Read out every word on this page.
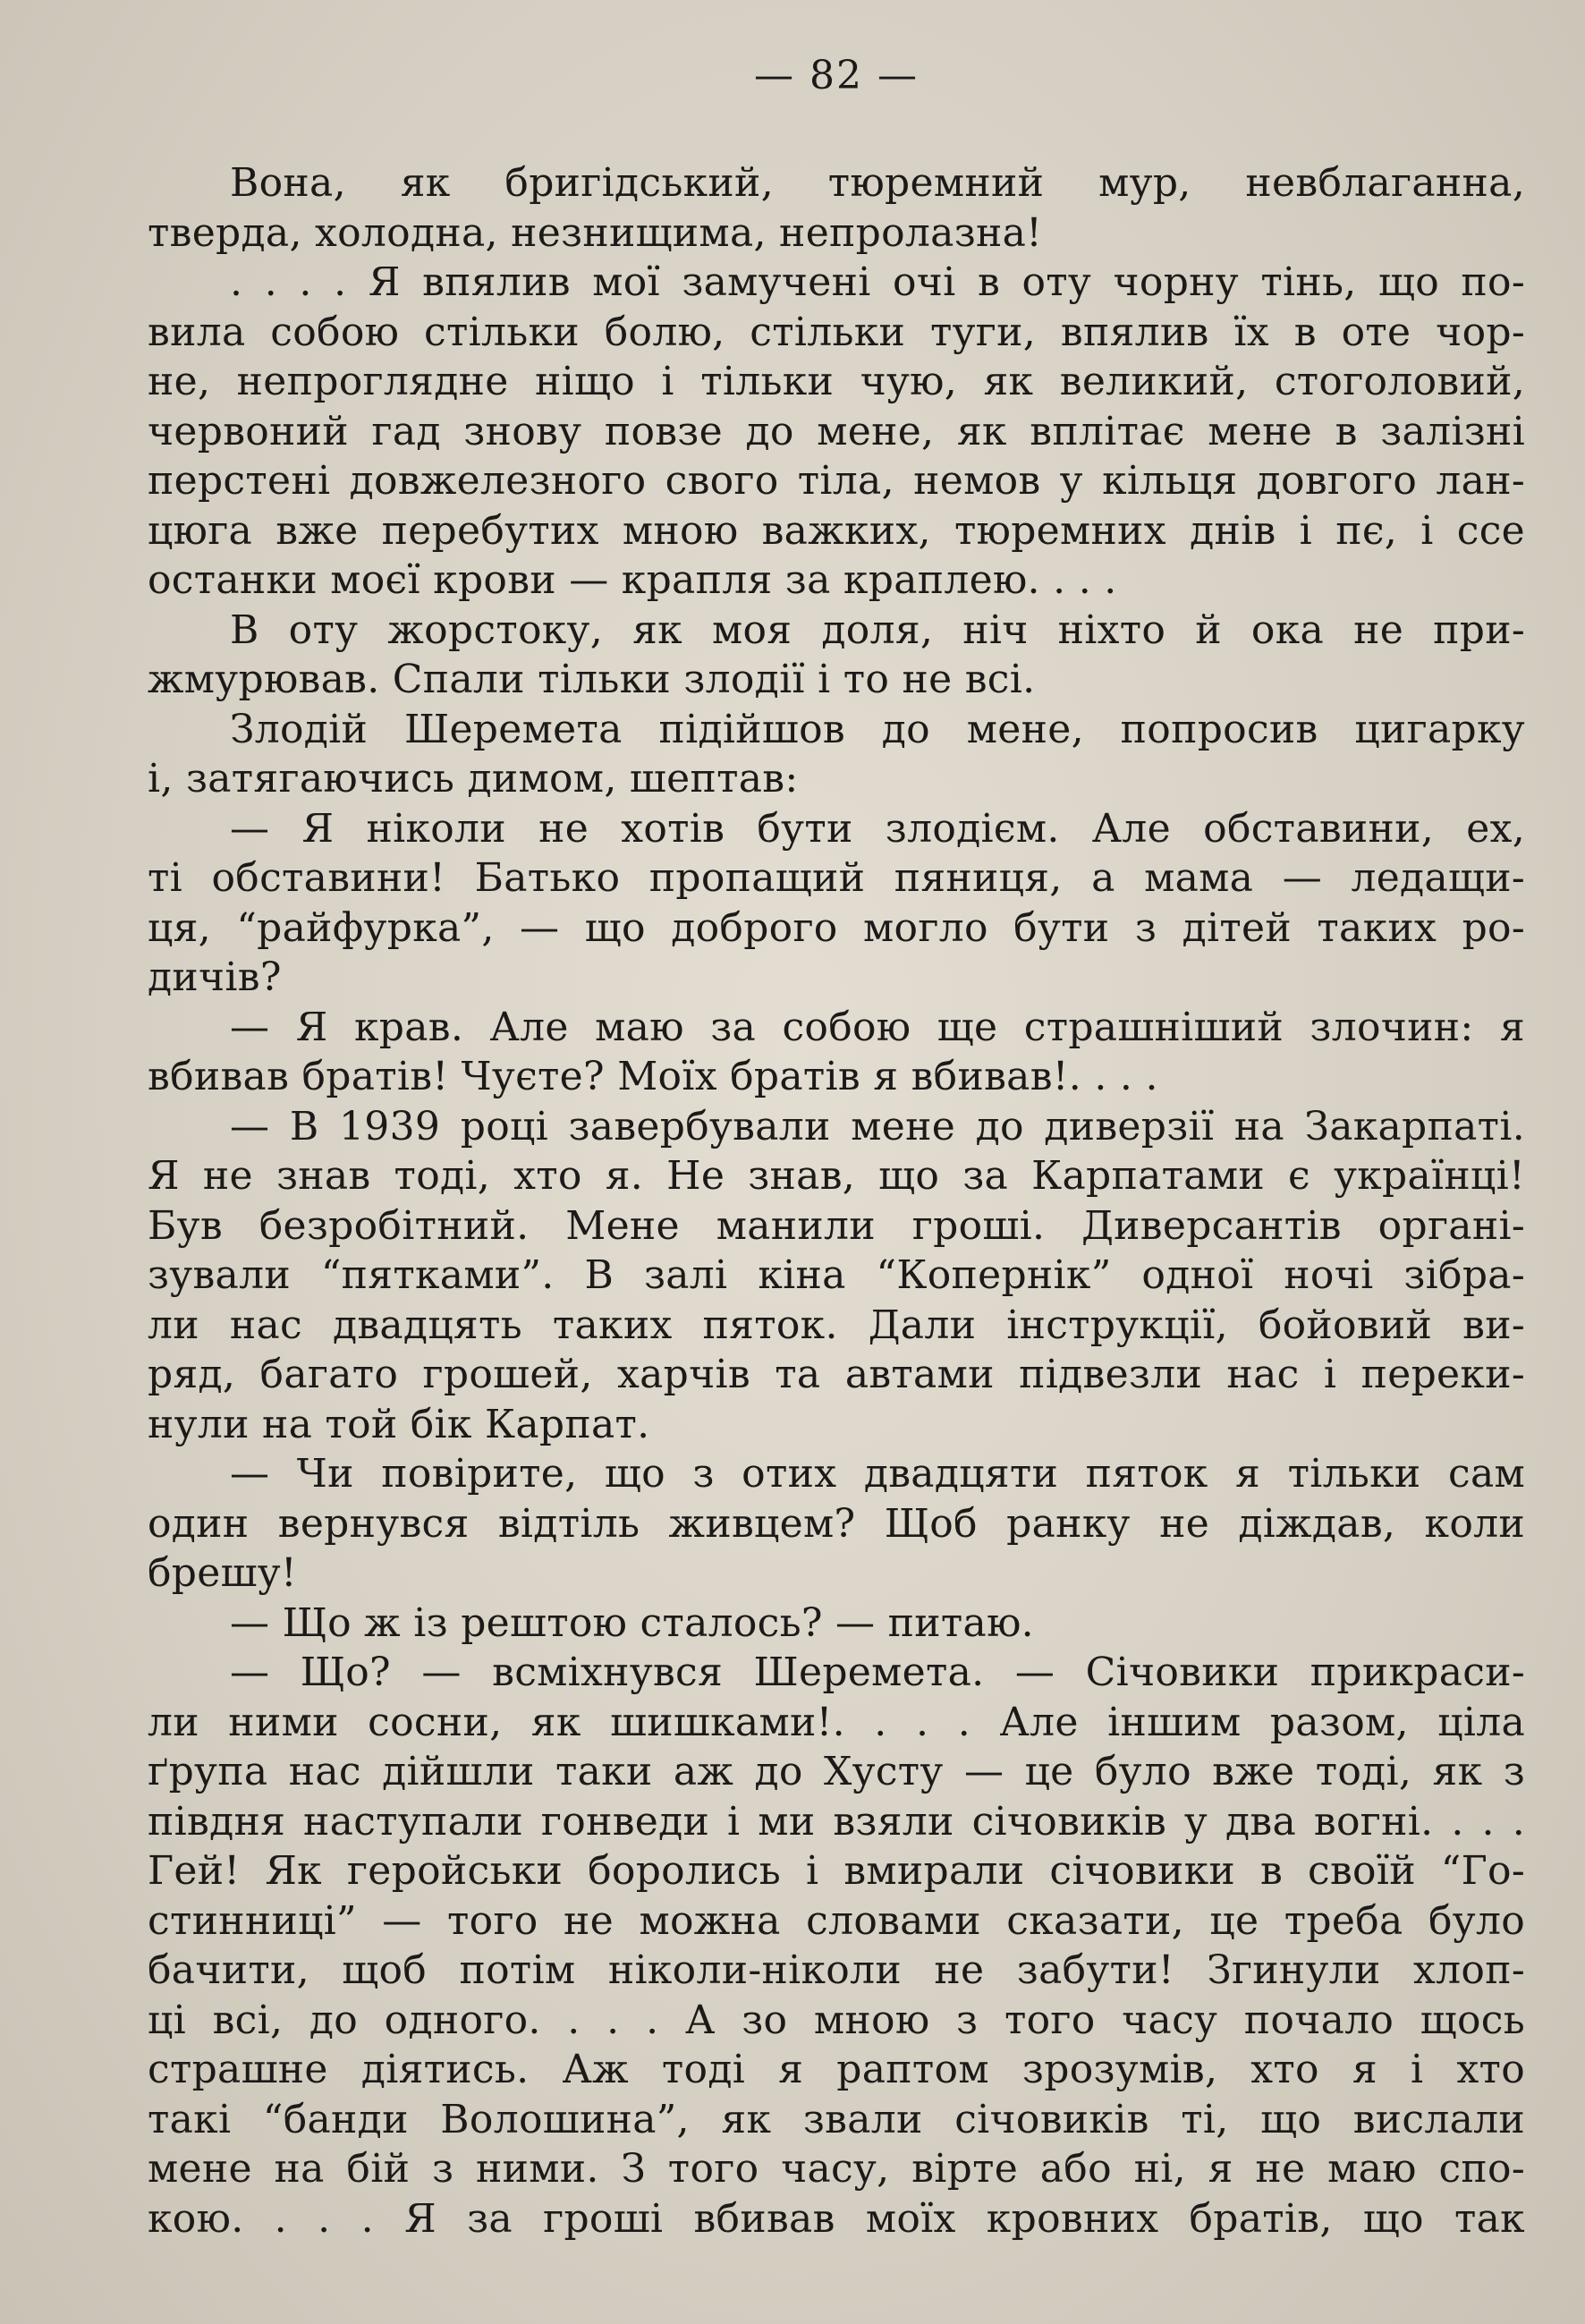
— 82 —
Вона, як бригідський, тюремний мур, невблаганна,
тверда, холодна, незнищима, непролазна!
. . . . Я впялив мої замучені очі в оту чорну тінь, що по-
вила собою стільки болю, стільки туги, впялив їх в оте чор-
не, непроглядне ніщо і тільки чую, як великий, стоголовий,
червоний гад знову повзе до мене, як вплітає мене в залізні
перстені довжелезного свого тіла, немов у кільця довгого лан-
цюга вже перебутих мною важких, тюремних днів і пє, і ссе
останки моєї крови — крапля за краплею. . . .
В оту жорстоку, як моя доля, ніч ніхто й ока не при-
жмурював. Спали тільки злодії і то не всі.
Злодій Шеремета підійшов до мене, попросив цигарку
і, затягаючись димом, шептав:
— Я ніколи не хотів бути злодієм. Але обставини, ех,
ті обставини! Батько пропащий пяниця, а мама — ледащи-
ця, “райфурка”, — що доброго могло бути з дітей таких ро-
дичів?
— Я крав. Але маю за собою ще страшніший злочин: я
вбивав братів! Чуєте? Моїх братів я вбивав!. . . .
— В 1939 році завербували мене до диверзії на Закарпаті.
Я не знав тоді, хто я. Не знав, що за Карпатами є українці!
Був безробітний. Мене манили гроші. Диверсантів органі-
зували “пятками”. В залі кіна “Копернік” одної ночі зібра-
ли нас двадцять таких пяток. Дали інструкції, бойовий ви-
ряд, багато грошей, харчів та автами підвезли нас і переки-
нули на той бік Карпат.
— Чи повірите, що з отих двадцяти пяток я тільки сам
один вернувся відтіль живцем? Щоб ранку не діждав, коли
брешу!
— Що ж із рештою сталось? — питаю.
— Що? — всміхнувся Шеремета. — Січовики прикраси-
ли ними сосни, як шишками!. . . . Але іншим разом, ціла
ґрупа нас дійшли таки аж до Хусту — це було вже тоді, як з
півдня наступали гонведи і ми взяли січовиків у два вогні. . . .
Гей! Як геройськи боролись і вмирали січовики в своїй “Го-
стинниці” — того не можна словами сказати, це треба було
бачити, щоб потім ніколи-ніколи не забути! Згинули хлоп-
ці всі, до одного. . . . А зо мною з того часу почало щось
страшне діятись. Аж тоді я раптом зрозумів, хто я і хто
такі “банди Волошина”, як звали січовиків ті, що вислали
мене на бій з ними. З того часу, вірте або ні, я не маю спо-
кою. . . . Я за гроші вбивав моїх кровних братів, що так
